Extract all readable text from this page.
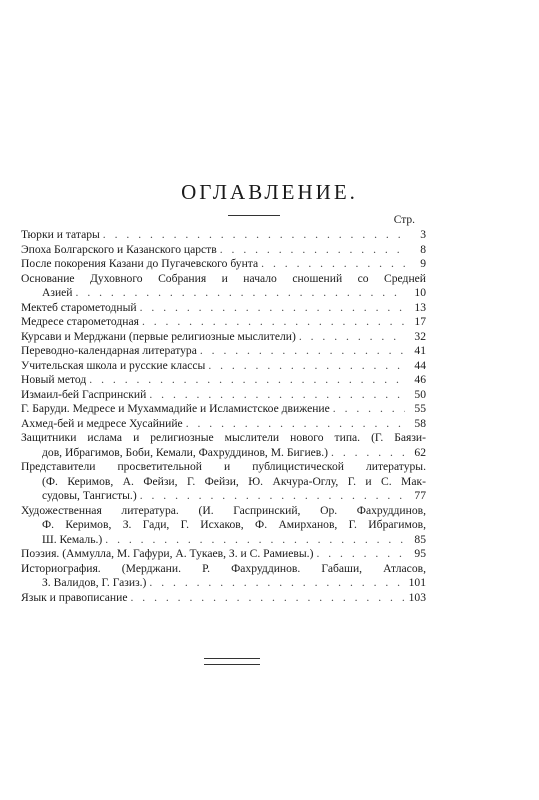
ОГЛАВЛЕНИЕ.
Стр.
Тюрки и татары . . .	3
Эпоха Болгарского и Казанского царств . . .	8
После покорения Казани до Пугачевского бунта . . .	9
Основание Духовного Собрания и начало сношений со Средней
Азией . . .	10
Мектеб старометодный . . .	13
Медресе старометодная . . .	17
Курсави и Мерджани (первые религиозные мыслители) . . .	32
Переводно-календарная литература . . .	41
Учительская школа и русские классы . . .	44
Новый метод . . .	46
Измаил-бей Гаспринский . . .	50
Г. Баруди. Медресе и Мухаммадийе и Исламистское движение . . .	55
Ахмед-бей и медресе Хусайнийе . . .	58
Защитники ислама и религиозные мыслители нового типа. (Г. Баязи-
дов, Ибрагимов, Боби, Кемали, Фахруддинов, М. Бигиев.) . . .	62
Представители просветительной и публицистической литературы.
(Ф. Керимов, А. Фейзи, Г. Фейзи, Ю. Акчура-Оглу, Г. и С. Мак-
судовы, Тангисты.) . . .	77
Художественная литература. (И. Гаспринский, Ор. Фахруддинов,
Ф. Керимов, З. Гади, Г. Исхаков, Ф. Амирханов, Г. Ибрагимов,
Ш. Кемаль.) . . .	85
Поэзия. (Аммулла, М. Гафури, А. Тукаев, З. и С. Рамиевы.) . . .	95
Историография. (Мерджани. Р. Фахруддинов. Габаши, Атласов,
З. Валидов, Г. Газиз.) . . .	101
Язык и правописание . . .	103
